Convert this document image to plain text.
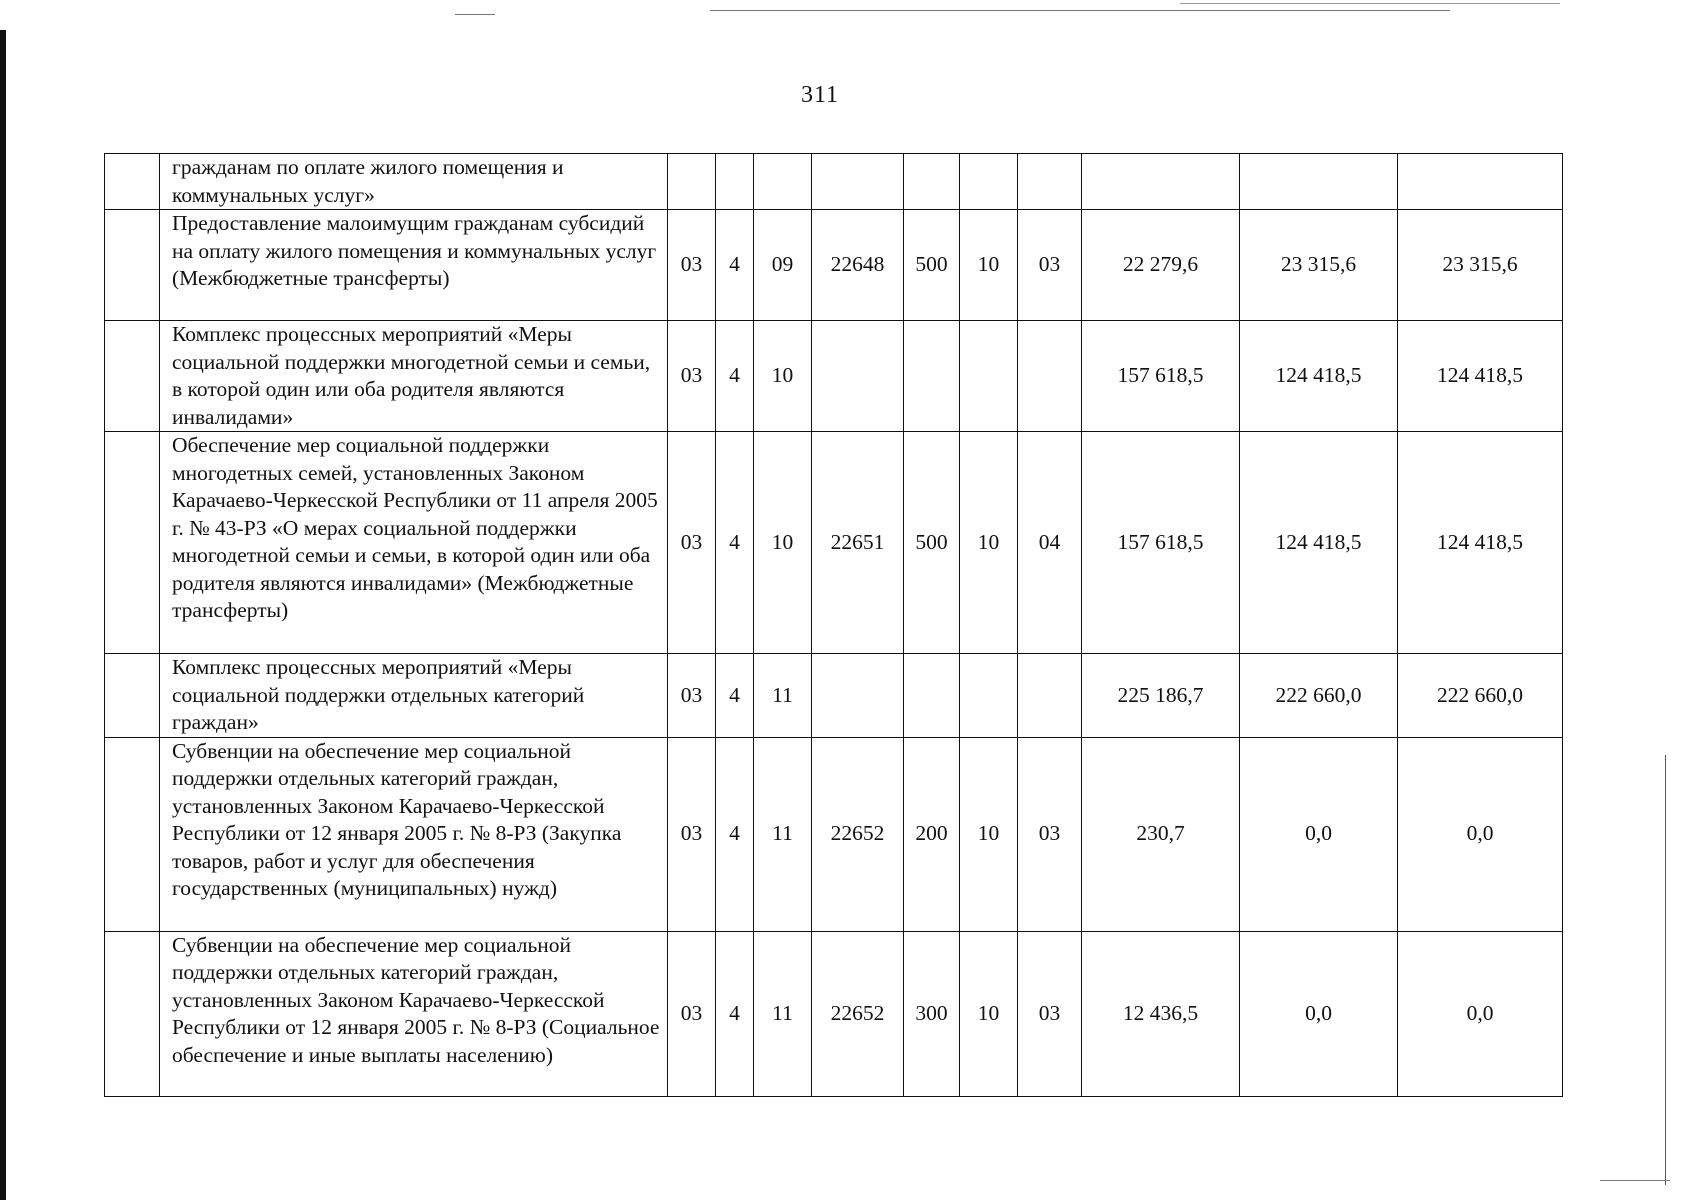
311
	гражданам по оплате жилого помещения и коммунальных услуг»										
	Предоставление малоимущим гражданам субсидий на оплату жилого помещения и коммунальных услуг (Межбюджетные трансферты)	03	4	09	22648	500	10	03	22 279,6	23 315,6	23 315,6
	Комплекс процессных мероприятий «Меры социальной поддержки многодетной семьи и семьи, в которой один или оба родителя являются инвалидами»	03	4	10					157 618,5	124 418,5	124 418,5
	Обеспечение мер социальной поддержки многодетных семей, установленных Законом Карачаево-Черкесской Республики от 11 апреля 2005 г. № 43-РЗ «О мерах социальной поддержки многодетной семьи и семьи, в которой один или оба родителя являются инвалидами» (Межбюджетные трансферты)	03	4	10	22651	500	10	04	157 618,5	124 418,5	124 418,5
	Комплекс процессных мероприятий «Меры социальной поддержки отдельных категорий граждан»	03	4	11					225 186,7	222 660,0	222 660,0
	Субвенции на обеспечение мер социальной поддержки отдельных категорий граждан, установленных Законом Карачаево-Черкесской Республики от 12 января 2005 г. № 8-РЗ (Закупка товаров, работ и услуг для обеспечения государственных (муниципальных) нужд)	03	4	11	22652	200	10	03	230,7	0,0	0,0
	Субвенции на обеспечение мер социальной поддержки отдельных категорий граждан, установленных Законом Карачаево-Черкесской Республики от 12 января 2005 г. № 8-РЗ (Социальное обеспечение и иные выплаты населению)	03	4	11	22652	300	10	03	12 436,5	0,0	0,0
